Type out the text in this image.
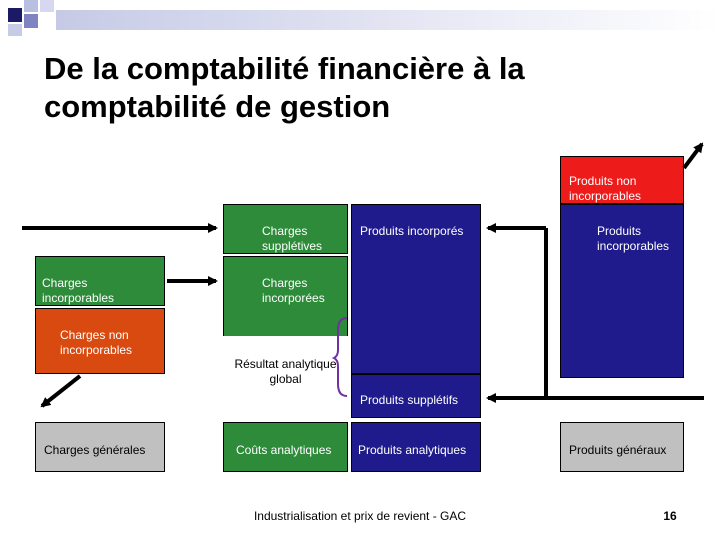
De la comptabilité financière à la
comptabilité de gestion

Produits non
incorporables

Charges
supplétives

Produits incorporés	Produits
incorporables

Charges
incorporables

Charges
incorporées

Charges non
incorporables

Résultat analytique
global

Produits supplétifs

Charges générales	Coûts analytiques	Produits analytiques	Produits généraux

Industrialisation et prix de revient - GAC	16
